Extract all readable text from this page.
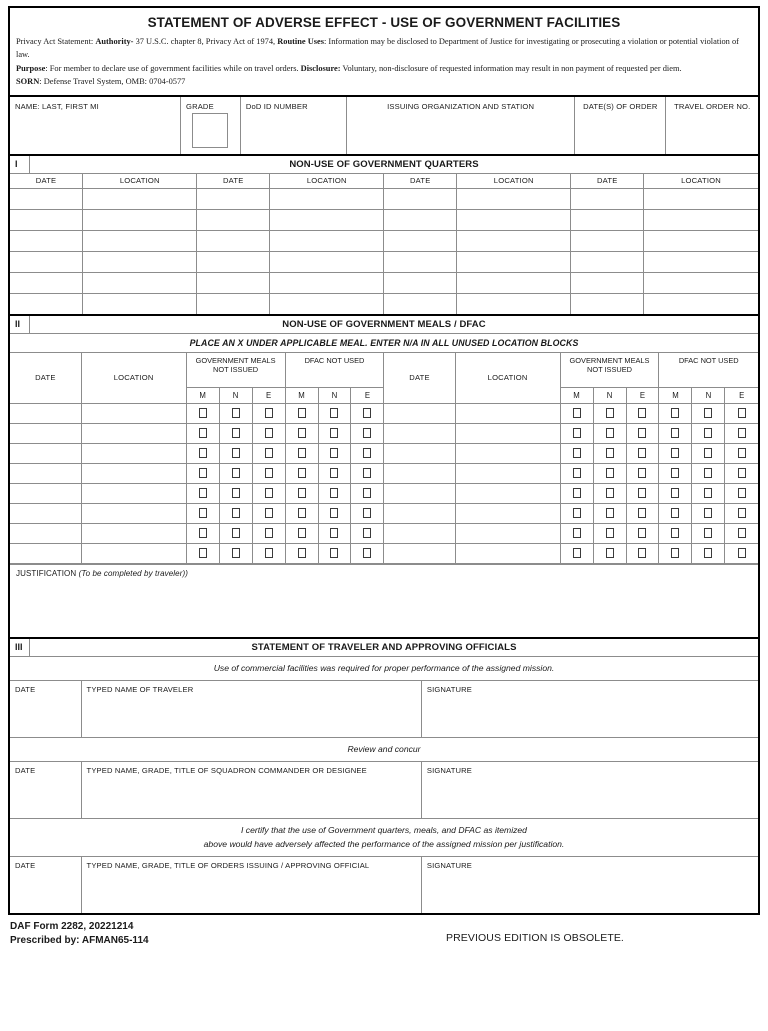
STATEMENT OF ADVERSE EFFECT - USE OF GOVERNMENT FACILITIES

Privacy Act Statement: Authority- 37 U.S.C. chapter 8, Privacy Act of 1974, Routine Uses: Information may be disclosed to Department of Justice for investigating or prosecuting a violation or potential violation of law.

Purpose: For member to declare use of government facilities while on travel orders. Disclosure: Voluntary, non-disclosure of requested information may result in non payment of requested per diem.

SORN: Defense Travel System, OMB: 0704-0577

NAME: LAST, FIRST MI	GRADE	DoD ID NUMBER	ISSUING ORGANIZATION AND STATION	DATE(S) OF ORDER	TRAVEL ORDER NO.
I	NON-USE OF GOVERNMENT QUARTERS
DATE	LOCATION	DATE	LOCATION	DATE	LOCATION	DATE	LOCATION

II	NON-USE OF GOVERNMENT MEALS / DFAC
PLACE AN X UNDER APPLICABLE MEAL. ENTER N/A IN ALL UNUSED LOCATION BLOCKS
DATE	LOCATION	GOVERNMENT MEALS NOT ISSUED			DFAC NOT USED			DATE	LOCATION	GOVERNMENT MEALS NOT ISSUED			DFAC NOT USED		
		M	N	E	M	N	E			M	N	E	M	N	E

JUSTIFICATION (To be completed by traveler))
III	STATEMENT OF TRAVELER AND APPROVING OFFICIALS
Use of commercial facilities was required for proper performance of the assigned mission.
DATE	TYPED NAME OF TRAVELER	SIGNATURE
Review and concur
DATE	TYPED NAME, GRADE, TITLE OF SQUADRON COMMANDER OR DESIGNEE	SIGNATURE
I certify that the use of Government quarters, meals, and DFAC as itemized
above would have adversely affected the performance of the assigned mission per justification.
DATE	TYPED NAME, GRADE, TITLE OF ORDERS ISSUING / APPROVING OFFICIAL	SIGNATURE
DAF Form 2282, 20221214
Prescribed by: AFMAN65-114	PREVIOUS EDITION IS OBSOLETE.
